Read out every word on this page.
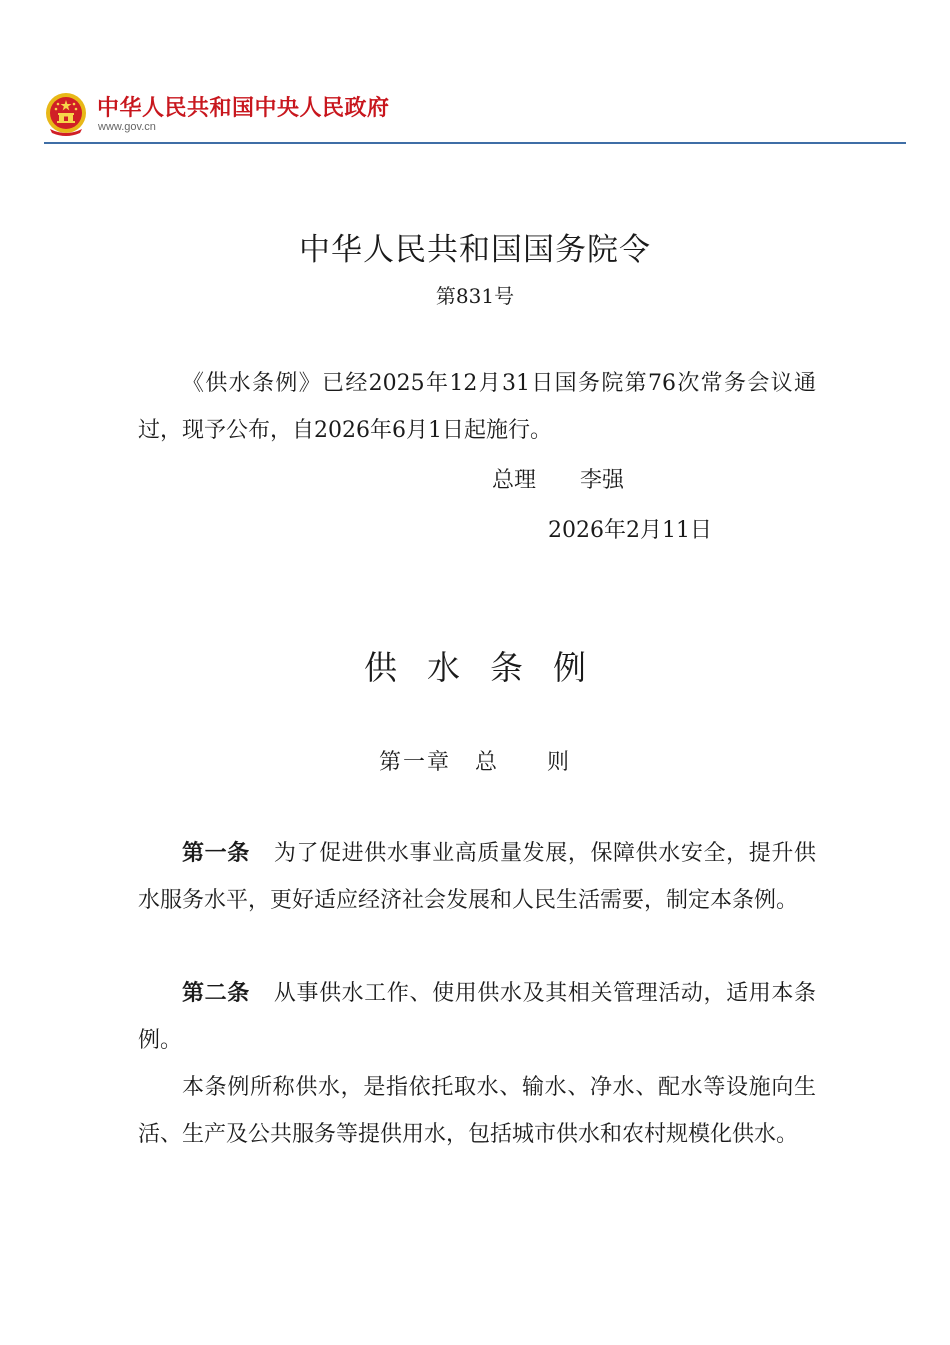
中华人民共和国中央人民政府
www.gov.cn
中华人民共和国国务院令
第831号

《供水条例》已经2025年12月31日国务院第76次常务会议通过，现予公布，自2026年6月1日起施行。

总理 李强
2026年2月11日
供水条例
第一章 总　　则

第一条 为了促进供水事业高质量发展，保障供水安全，提升供水服务水平，更好适应经济社会发展和人民生活需要，制定本条例。

第二条 从事供水工作、使用供水及其相关管理活动，适用本条例。

本条例所称供水，是指依托取水、输水、净水、配水等设施向生活、生产及公共服务等提供用水，包括城市供水和农村规模化供水。
